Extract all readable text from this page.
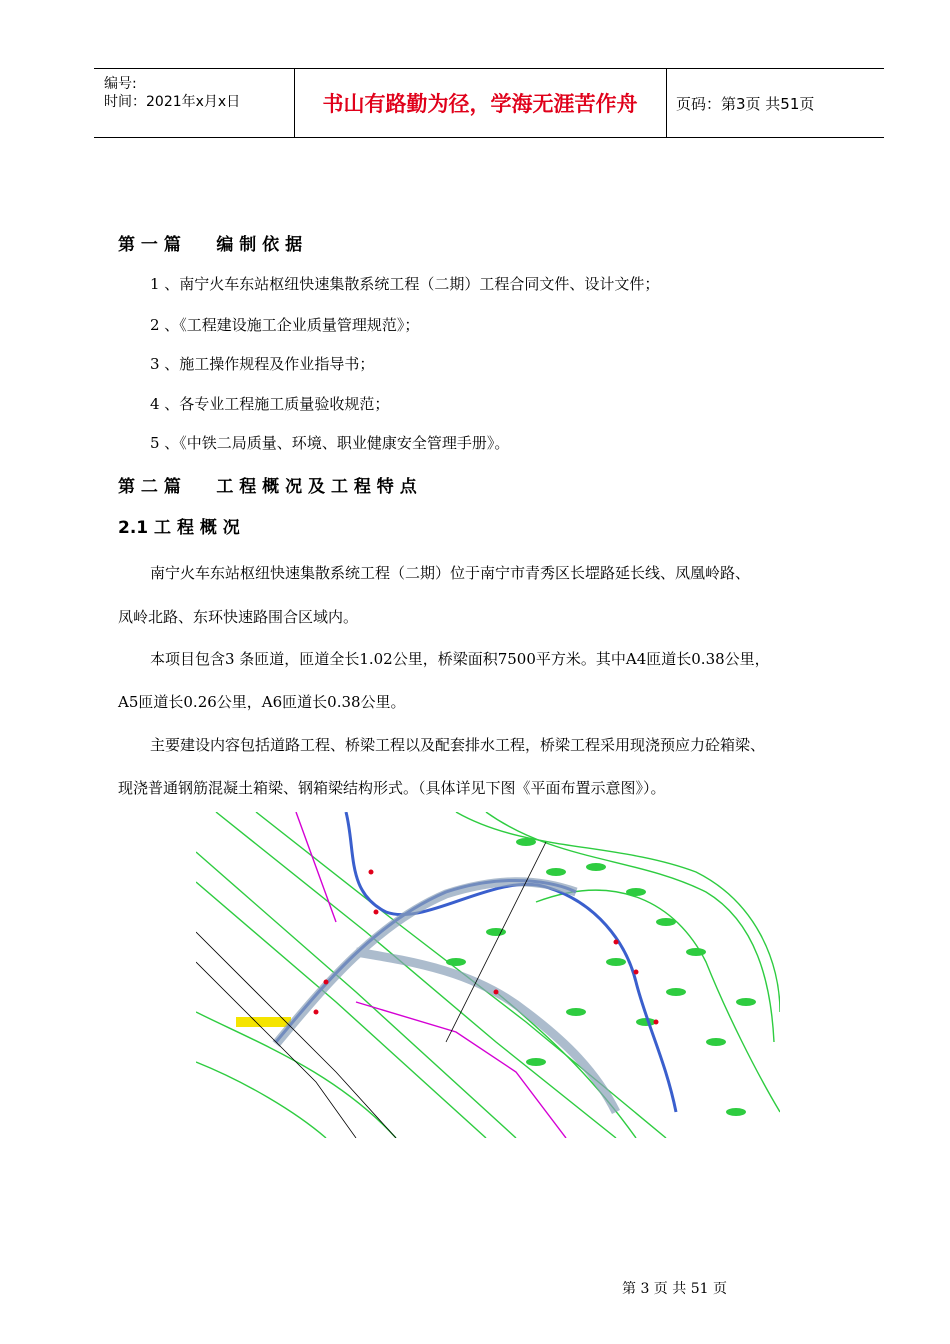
编号:
时间：2021年x月x日	书山有路勤为径，学海无涯苦作舟	页码：第3页 共51页
第 一 篇      编 制 依 据
1 、南宁火车东站枢纽快速集散系统工程（二期）工程合同文件、设计文件；
2 、《工程建设施工企业质量管理规范》；
3 、施工操作规程及作业指导书；
4 、各专业工程施工质量验收规范；
5 、《中铁二局质量、环境、职业健康安全管理手册》。
第 二 篇      工 程 概 况 及 工 程 特 点
2.1 工 程 概 况
南宁火车东站枢纽快速集散系统工程（二期）位于南宁市青秀区长堽路延长线、凤凰岭路、
凤岭北路、东环快速路围合区域内。
本项目包含3 条匝道，匝道全长1.02公里，桥梁面积7500平方米。其中A4匝道长0.38公里，
A5匝道长0.26公里，A6匝道长0.38公里。
主要建设内容包括道路工程、桥梁工程以及配套排水工程，桥梁工程采用现浇预应力砼箱梁、
现浇普通钢筋混凝土箱梁、钢箱梁结构形式。（具体详见下图《平面布置示意图》）。
第 3 页 共 51 页
